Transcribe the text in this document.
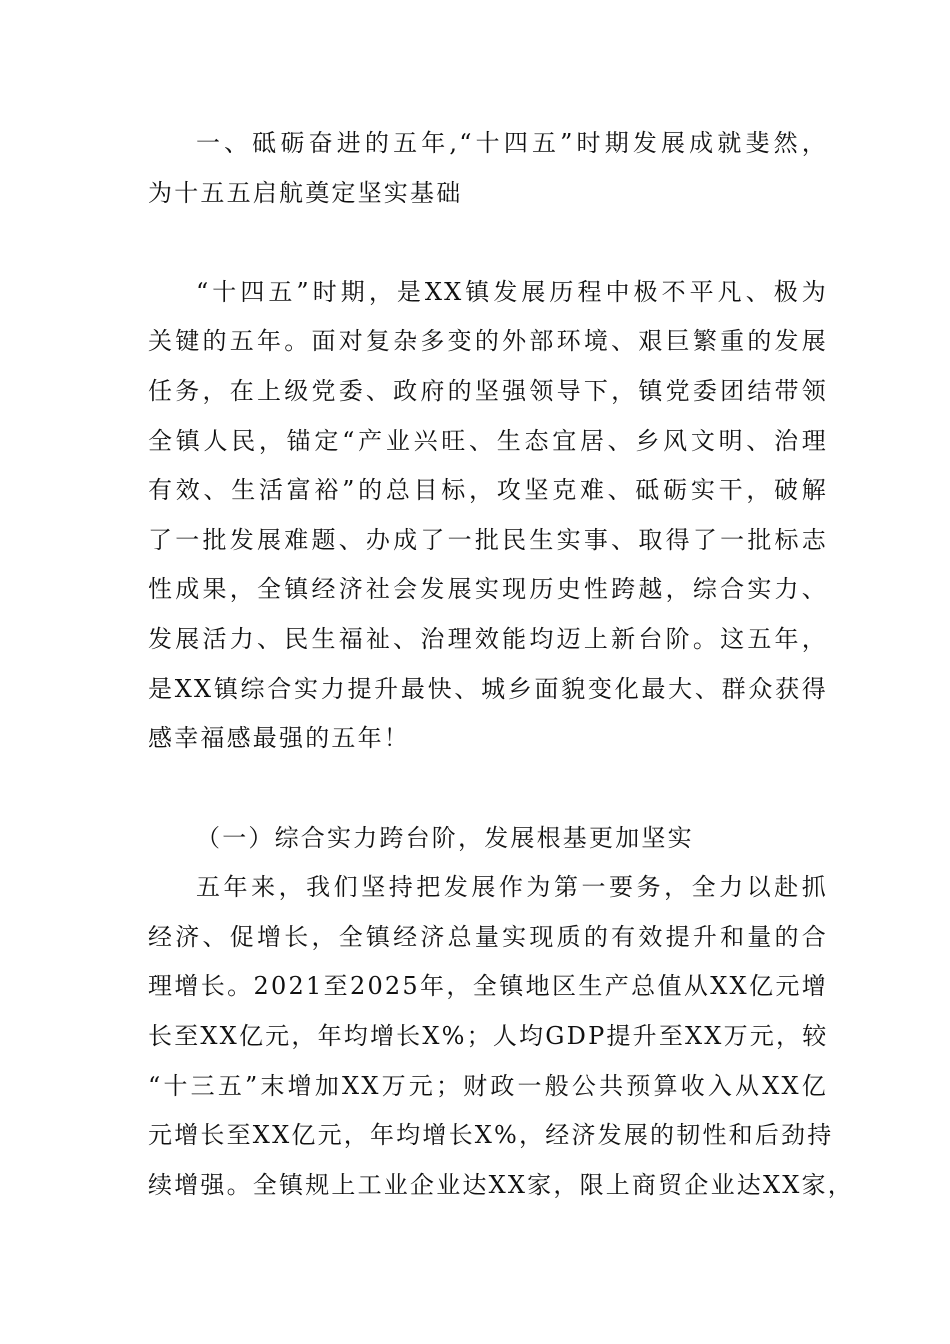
一、砥砺奋进的五年,“十四五”时期发展成就斐然，
为十五五启航奠定坚实基础
“十四五”时期，是XX镇发展历程中极不平凡、极为
关键的五年。面对复杂多变的外部环境、艰巨繁重的发展
任务，在上级党委、政府的坚强领导下，镇党委团结带领
全镇人民，锚定“产业兴旺、生态宜居、乡风文明、治理
有效、生活富裕”的总目标，攻坚克难、砥砺实干，破解
了一批发展难题、办成了一批民生实事、取得了一批标志
性成果，全镇经济社会发展实现历史性跨越，综合实力、
发展活力、民生福祉、治理效能均迈上新台阶。这五年，
是XX镇综合实力提升最快、城乡面貌变化最大、群众获得
感幸福感最强的五年！
（一）综合实力跨台阶，发展根基更加坚实
五年来，我们坚持把发展作为第一要务，全力以赴抓
经济、促增长，全镇经济总量实现质的有效提升和量的合
理增长。2021至2025年，全镇地区生产总值从XX亿元增
长至XX亿元，年均增长X%；人均GDP提升至XX万元，较
“十三五”末增加XX万元；财政一般公共预算收入从XX亿
元增长至XX亿元，年均增长X%，经济发展的韧性和后劲持
续增强。全镇规上工业企业达XX家，限上商贸企业达XX家，
